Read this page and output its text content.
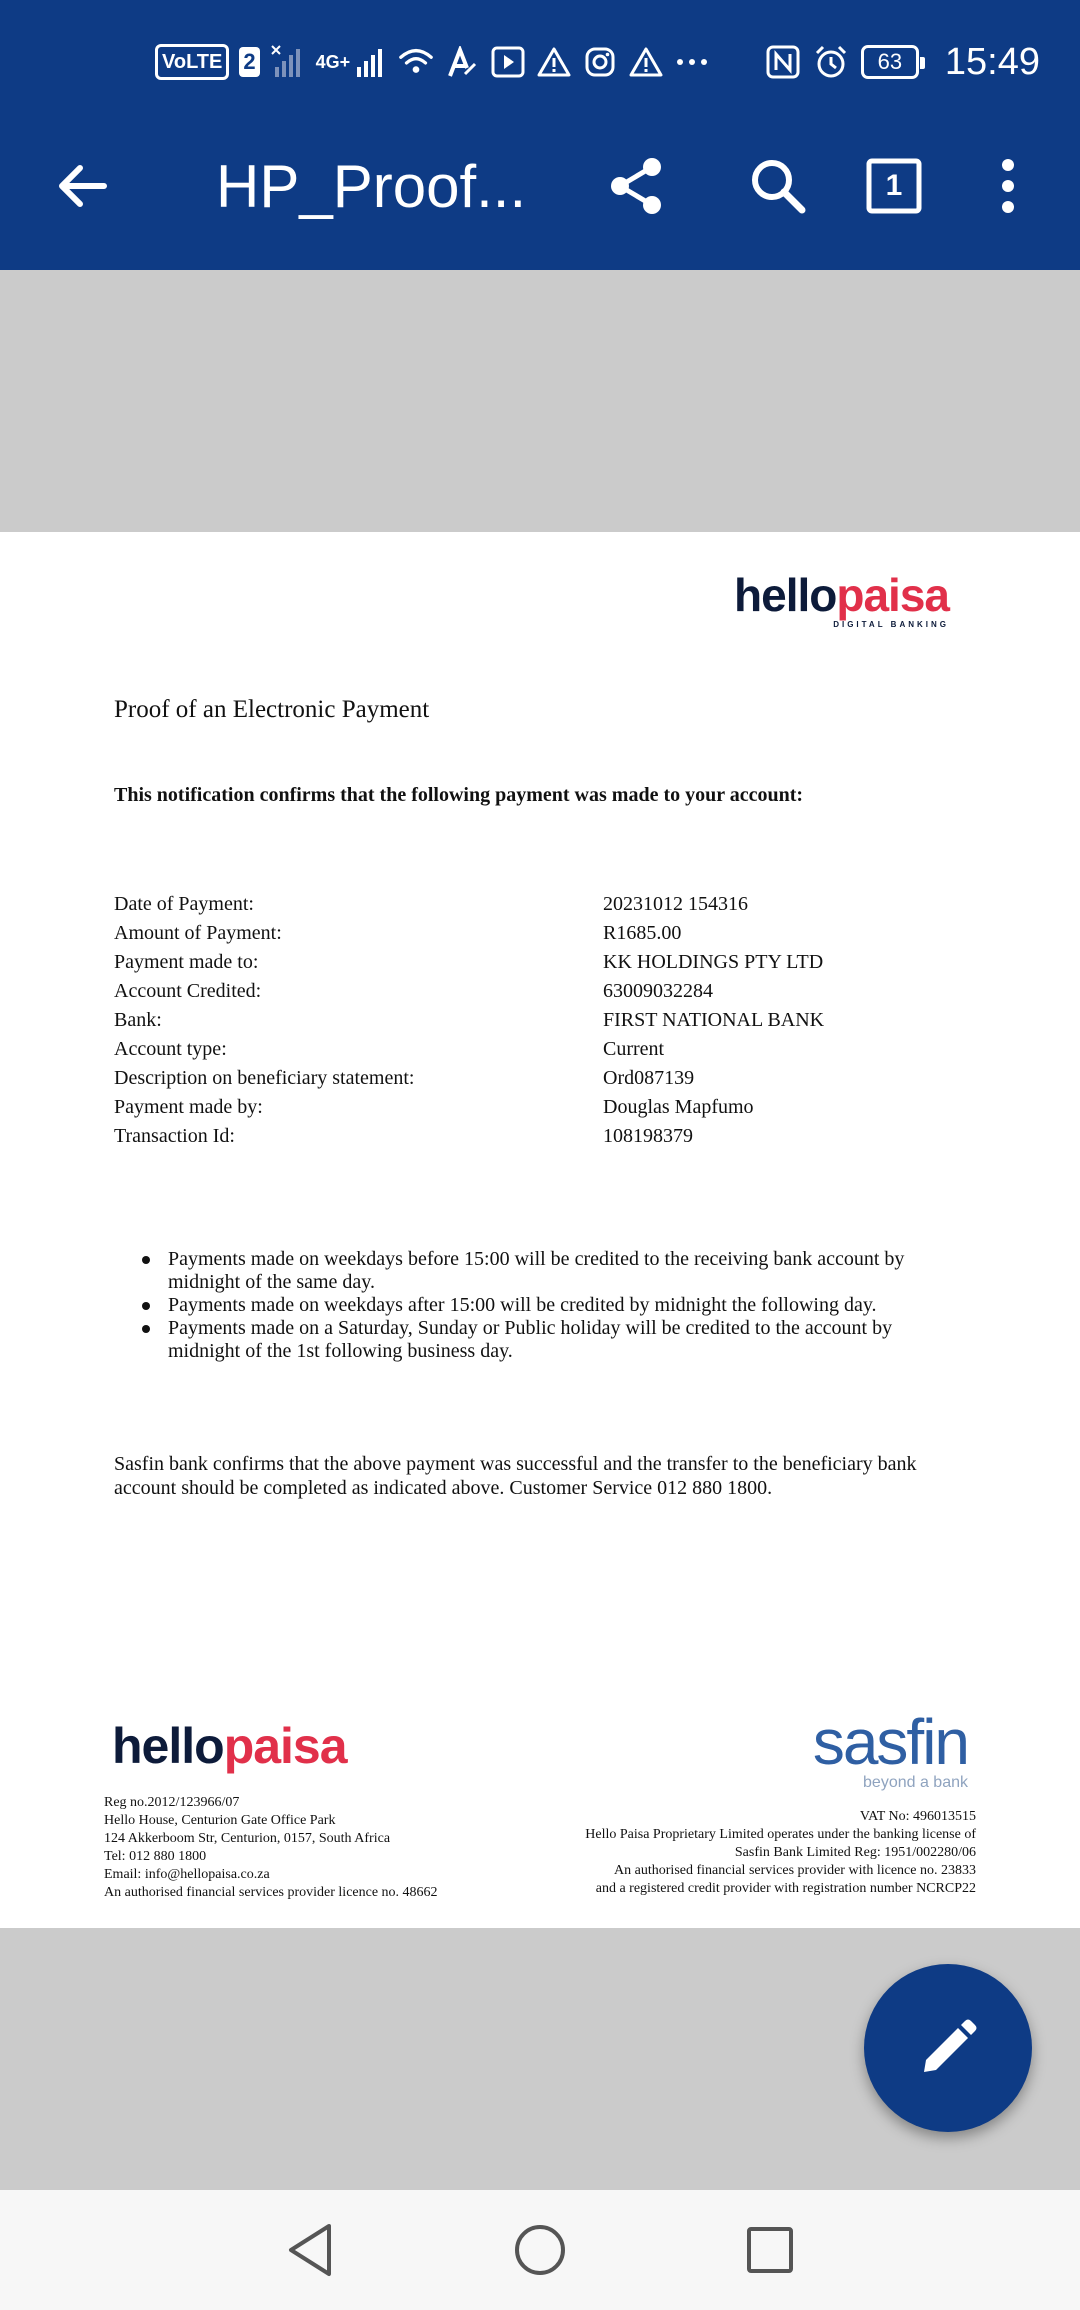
VoLTE 2	4G+	63	15:49
HP_Proof...	1
hellopaisa
DIGITAL BANKING
Proof of an Electronic Payment
This notification confirms that the following payment was made to your account:
Date of Payment:	20231012 154316
Amount of Payment:	R1685.00
Payment made to:	KK HOLDINGS PTY LTD
Account Credited:	63009032284
Bank:	FIRST NATIONAL BANK
Account type:	Current
Description on beneficiary statement:	Ord087139
Payment made by:	Douglas Mapfumo
Transaction Id:	108198379
Payments made on weekdays before 15:00 will be credited to the receiving bank account by midnight of the same day.
Payments made on weekdays after 15:00 will be credited by midnight the following day.
Payments made on a Saturday, Sunday or Public holiday will be credited to the account by midnight of the 1st following business day.
Sasfin bank confirms that the above payment was successful and the transfer to the beneficiary bank account should be completed as indicated above. Customer Service 012 880 1800.
hellopaisa
Reg no.2012/123966/07
Hello House, Centurion Gate Office Park
124 Akkerboom Str, Centurion, 0157, South Africa
Tel: 012 880 1800
Email: info@hellopaisa.co.za
An authorised financial services provider licence no. 48662
sasfin
beyond a bank
VAT No: 496013515
Hello Paisa Proprietary Limited operates under the banking license of
Sasfin Bank Limited Reg: 1951/002280/06
An authorised financial services provider with licence no. 23833
and a registered credit provider with registration number NCRCP22
